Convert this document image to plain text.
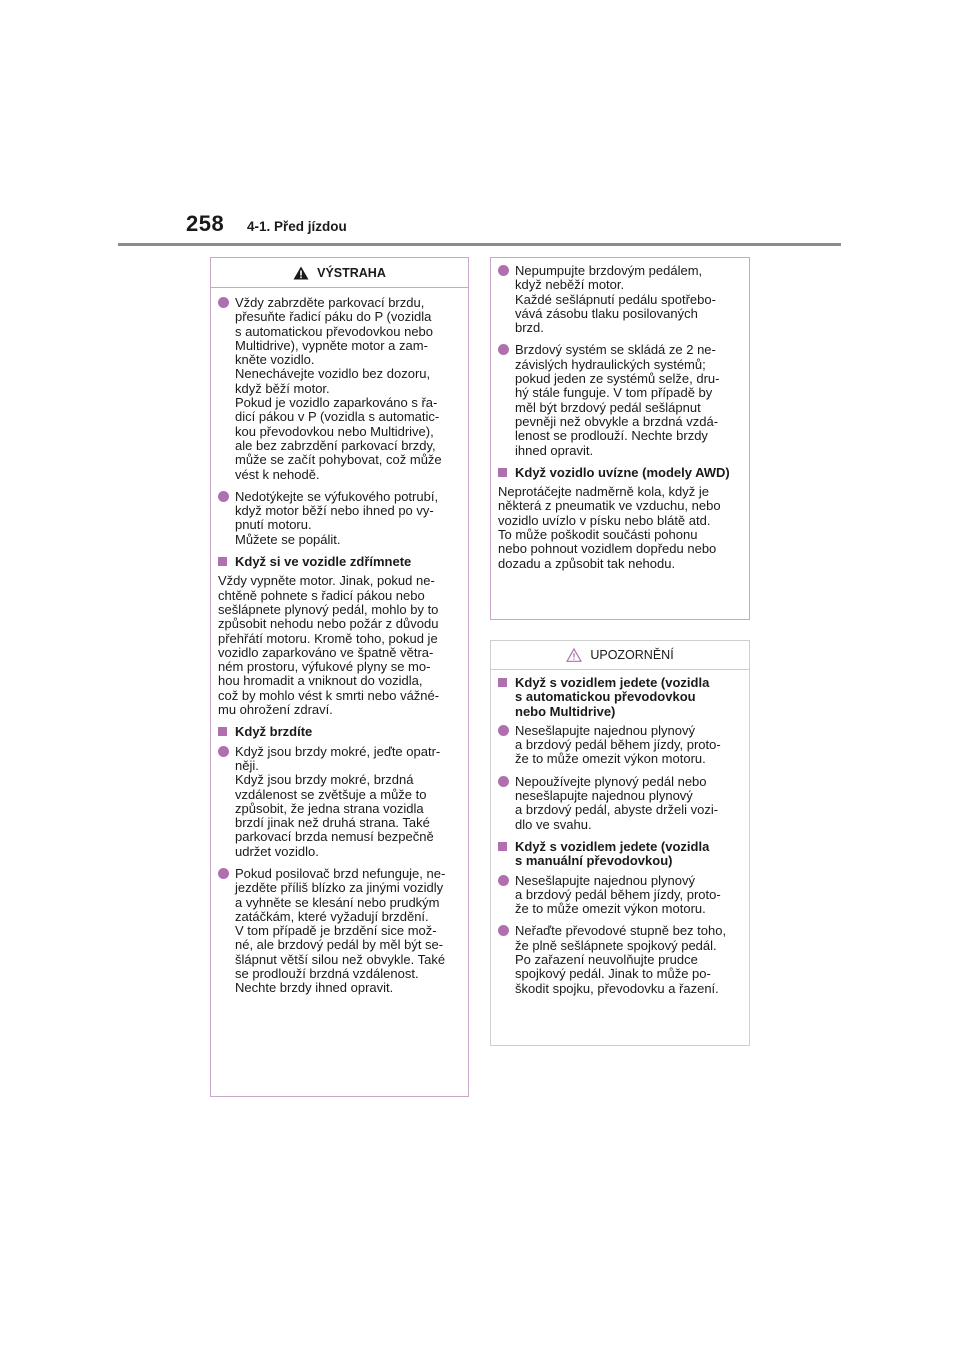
258 4-1. Před jízdou
VÝSTRAHA
Vždy zabrzděte parkovací brzdu,
přesuňte řadicí páku do P (vozidla
s automatickou převodovkou nebo
Multidrive), vypněte motor a zam-
kněte vozidlo.
Nenechávejte vozidlo bez dozoru,
když běží motor.
Pokud je vozidlo zaparkováno s řa-
dicí pákou v P (vozidla s automatic-
kou převodovkou nebo Multidrive),
ale bez zabrzdění parkovací brzdy,
může se začít pohybovat, což může
vést k nehodě.
Nedotýkejte se výfukového potrubí,
když motor běží nebo ihned po vy-
pnutí motoru.
Můžete se popálit.
Když si ve vozidle zdřímnete
Vždy vypněte motor. Jinak, pokud ne-
chtěně pohnete s řadicí pákou nebo
sešlápnete plynový pedál, mohlo by to
způsobit nehodu nebo požár z důvodu
přehřátí motoru. Kromě toho, pokud je
vozidlo zaparkováno ve špatně větra-
ném prostoru, výfukové plyny se mo-
hou hromadit a vniknout do vozidla,
což by mohlo vést k smrti nebo vážné-
mu ohrožení zdraví.
Když brzdíte
Když jsou brzdy mokré, jeďte opatr-
něji.
Když jsou brzdy mokré, brzdná
vzdálenost se zvětšuje a může to
způsobit, že jedna strana vozidla
brzdí jinak než druhá strana. Také
parkovací brzda nemusí bezpečně
udržet vozidlo.
Pokud posilovač brzd nefunguje, ne-
jezděte příliš blízko za jinými vozidly
a vyhněte se klesání nebo prudkým
zatáčkám, které vyžadují brzdění.
V tom případě je brzdění sice mož-
né, ale brzdový pedál by měl být se-
šlápnut větší silou než obvykle. Také
se prodlouží brzdná vzdálenost.
Nechte brzdy ihned opravit.
Nepumpujte brzdovým pedálem,
když neběží motor.
Každé sešlápnutí pedálu spotřebo-
vává zásobu tlaku posilovaných
brzd.
Brzdový systém se skládá ze 2 ne-
závislých hydraulických systémů;
pokud jeden ze systémů selže, dru-
hý stále funguje. V tom případě by
měl být brzdový pedál sešlápnut
pevněji než obvykle a brzdná vzdá-
lenost se prodlouží. Nechte brzdy
ihned opravit.
Když vozidlo uvízne (modely AWD)
Neprotáčejte nadměrně kola, když je
některá z pneumatik ve vzduchu, nebo
vozidlo uvízlo v písku nebo blátě atd.
To může poškodit součásti pohonu
nebo pohnout vozidlem dopředu nebo
dozadu a způsobit tak nehodu.
UPOZORNĚNÍ
Když s vozidlem jedete (vozidla
s automatickou převodovkou
nebo Multidrive)
Nesešlapujte najednou plynový
a brzdový pedál během jízdy, proto-
že to může omezit výkon motoru.
Nepoužívejte plynový pedál nebo
nesešlapujte najednou plynový
a brzdový pedál, abyste drželi vozi-
dlo ve svahu.
Když s vozidlem jedete (vozidla
s manuální převodovkou)
Nesešlapujte najednou plynový
a brzdový pedál během jízdy, proto-
že to může omezit výkon motoru.
Neřaďte převodové stupně bez toho,
že plně sešlápnete spojkový pedál.
Po zařazení neuvolňujte prudce
spojkový pedál. Jinak to může po-
škodit spojku, převodovku a řazení.
